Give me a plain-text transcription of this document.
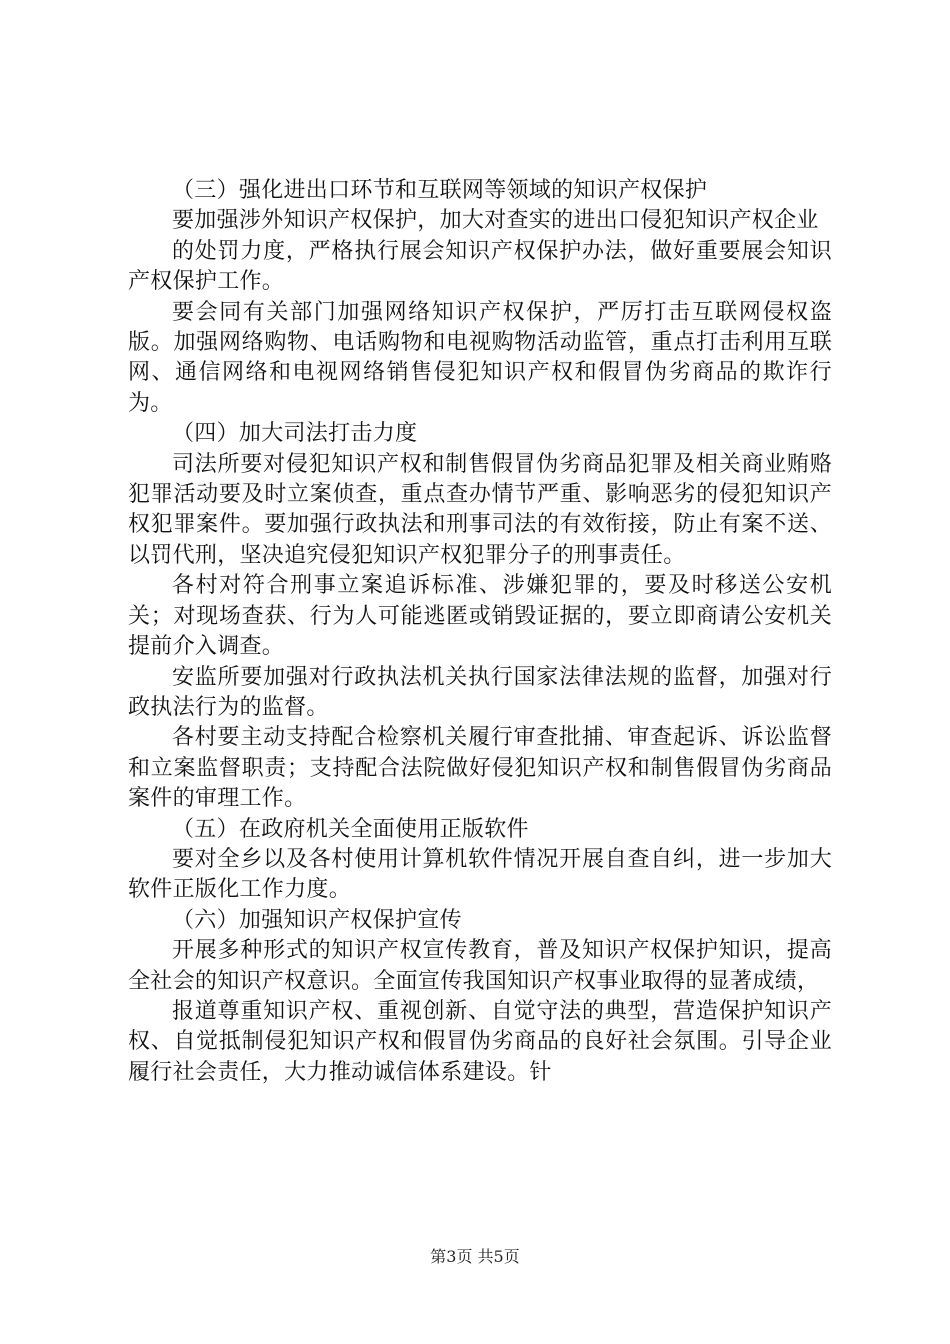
（三）强化进出口环节和互联网等领域的知识产权保护

要加强涉外知识产权保护，加大对查实的进出口侵犯知识产权企业

的处罚力度，严格执行展会知识产权保护办法，做好重要展会知识产权保护工作。

要会同有关部门加强网络知识产权保护，严厉打击互联网侵权盗版。加强网络购物、电话购物和电视购物活动监管，重点打击利用互联网、通信网络和电视网络销售侵犯知识产权和假冒伪劣商品的欺诈行为。

（四）加大司法打击力度

司法所要对侵犯知识产权和制售假冒伪劣商品犯罪及相关商业贿赂犯罪活动要及时立案侦查，重点查办情节严重、影响恶劣的侵犯知识产权犯罪案件。要加强行政执法和刑事司法的有效衔接，防止有案不送、以罚代刑，坚决追究侵犯知识产权犯罪分子的刑事责任。

各村对符合刑事立案追诉标准、涉嫌犯罪的，要及时移送公安机关；对现场查获、行为人可能逃匿或销毁证据的，要立即商请公安机关提前介入调查。

安监所要加强对行政执法机关执行国家法律法规的监督，加强对行政执法行为的监督。

各村要主动支持配合检察机关履行审查批捕、审查起诉、诉讼监督和立案监督职责；支持配合法院做好侵犯知识产权和制售假冒伪劣商品案件的审理工作。

（五）在政府机关全面使用正版软件

要对全乡以及各村使用计算机软件情况开展自查自纠，进一步加大软件正版化工作力度。

（六）加强知识产权保护宣传

开展多种形式的知识产权宣传教育，普及知识产权保护知识，提高全社会的知识产权意识。全面宣传我国知识产权事业取得的显著成绩，

报道尊重知识产权、重视创新、自觉守法的典型，营造保护知识产权、自觉抵制侵犯知识产权和假冒伪劣商品的良好社会氛围。引导企业履行社会责任，大力推动诚信体系建设。针

第3页 共5页
